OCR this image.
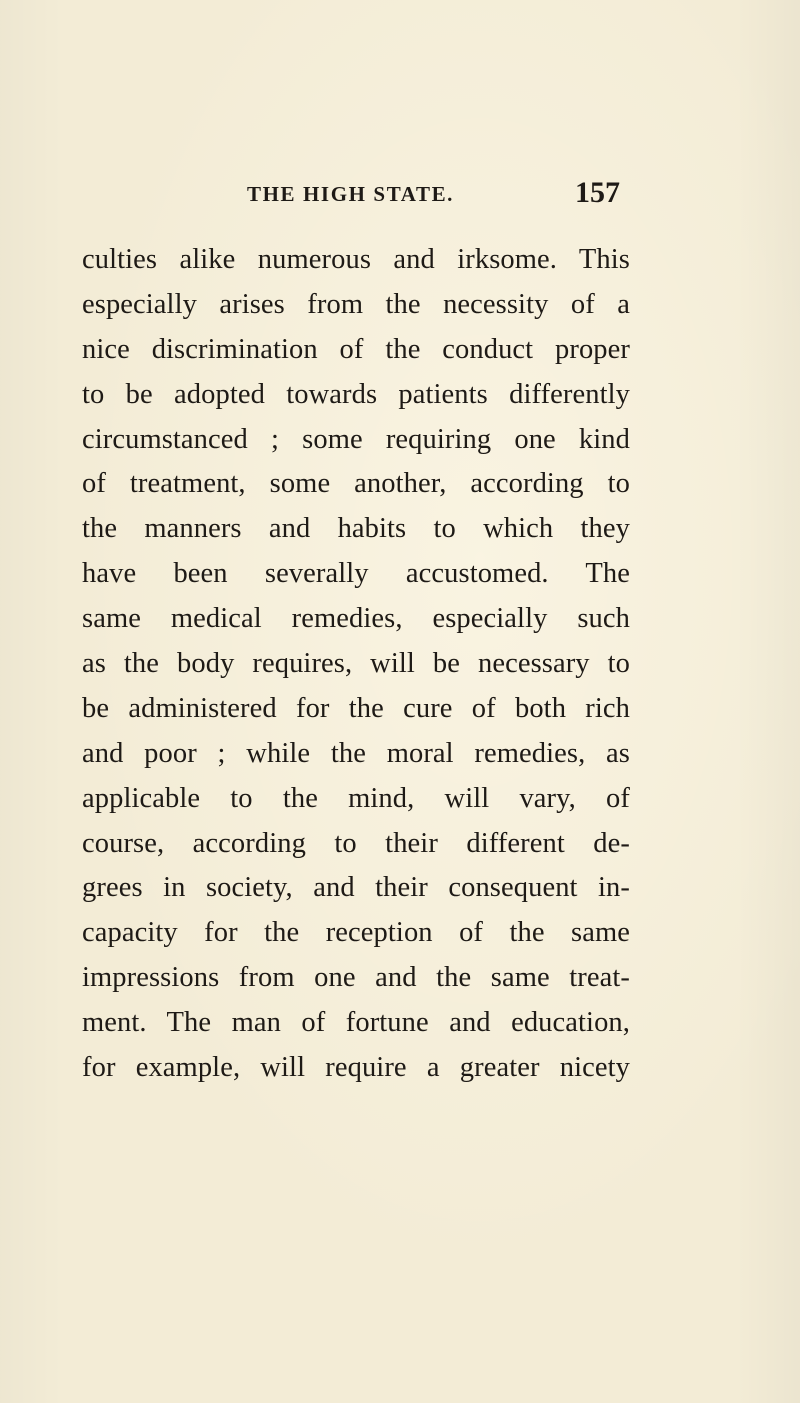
THE HIGH STATE.	157
culties alike numerous and irksome. This
especially arises from the necessity of a
nice discrimination of the conduct proper
to be adopted towards patients differently
circumstanced ; some requiring one kind
of treatment, some another, according to
the manners and habits to which they
have been severally accustomed. The
same medical remedies, especially such
as the body requires, will be necessary to
be administered for the cure of both rich
and poor ; while the moral remedies, as
applicable to the mind, will vary, of
course, according to their different de-
grees in society, and their consequent in-
capacity for the reception of the same
impressions from one and the same treat-
ment. The man of fortune and education,
for example, will require a greater nicety
